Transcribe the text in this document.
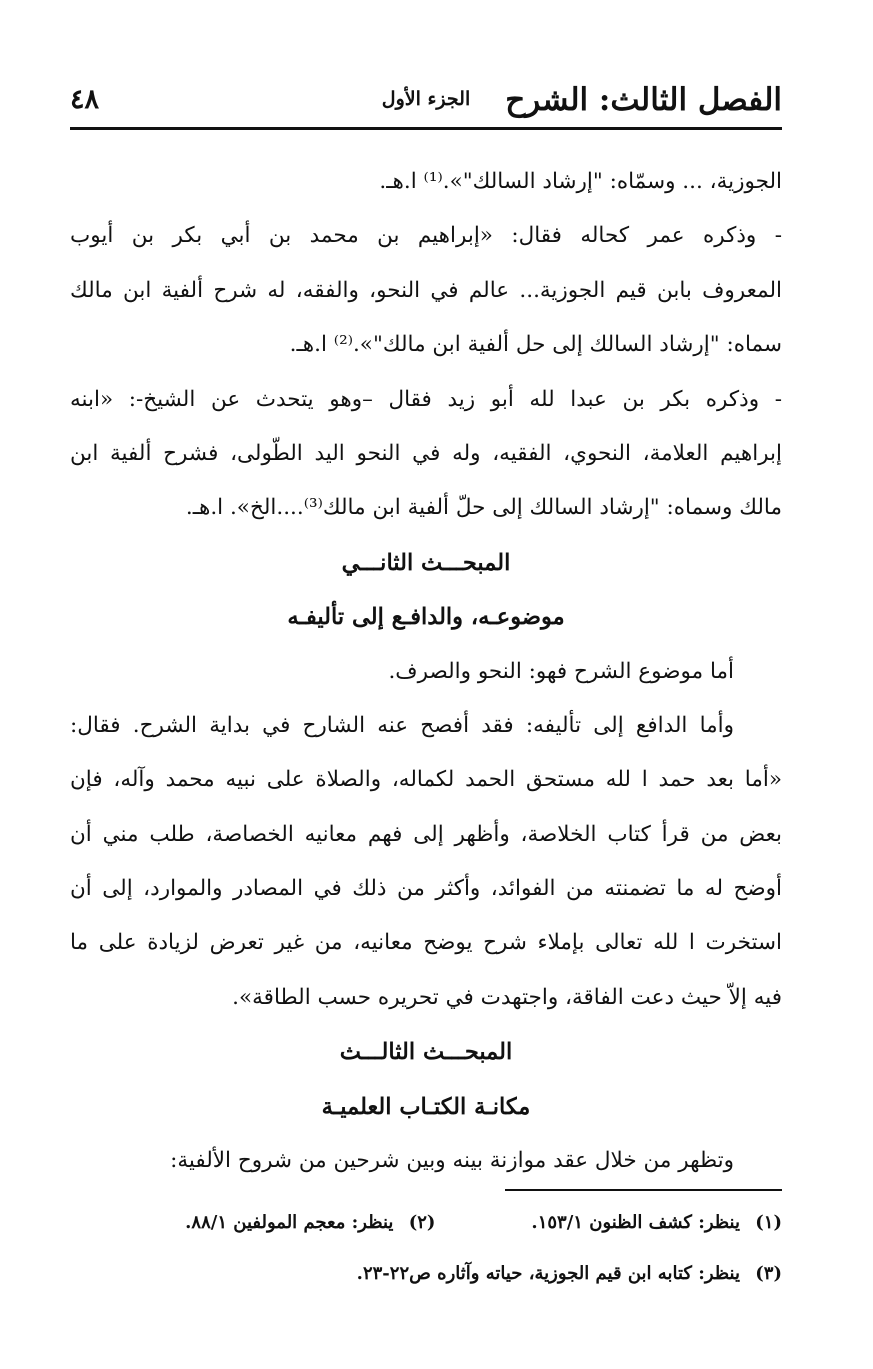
الفصل الثالث: الشرح
الجزء الأول
٤٨
الجوزية، ... وسمّاه: "إرشاد السالك"».⁽¹⁾ ا.هـ.
- وذكره عمر كحاله فقال: «إبراهيم بن محمد بن أبي بكر بن أيوب
المعروف بابن قيم الجوزية... عالم في النحو، والفقه، له شرح ألفية ابن مالك
سماه: "إرشاد السالك إلى حل ألفية ابن مالك"».⁽²⁾ ا.هـ.
- وذكره بكر بن عبدا لله أبو زيد فقال –وهو يتحدث عن الشيخ-: «ابنه
إبراهيم العلامة، النحوي، الفقيه، وله في النحو اليد الطّولى، فشرح ألفية ابن
مالك وسماه: "إرشاد السالك إلى حلّ ألفية ابن مالك⁽³⁾....الخ». ا.هـ.
المبحـــث الثانـــي
موضوعـه، والدافـع إلى تأليفـه
أما موضوع الشرح فهو: النحو والصرف.
وأما الدافع إلى تأليفه: فقد أفصح عنه الشارح في بداية الشرح. فقال:
«أما بعد حمد ا لله مستحق الحمد لكماله، والصلاة على نبيه محمد وآله، فإن
بعض من قرأ كتاب الخلاصة، وأظهر إلى فهم معانيه الخصاصة، طلب مني أن
أوضح له ما تضمنته من الفوائد، وأكثر من ذلك في المصادر والموارد، إلى أن
استخرت ا لله تعالى بإملاء شرح يوضح معانيه، من غير تعرض لزيادة على ما
فيه إلاّ حيث دعت الفاقة، واجتهدت في تحريره حسب الطاقة».
المبحـــث الثالـــث
مكانـة الكتـاب العلميـة
وتظهر من خلال عقد موازنة بينه وبين شرحين من شروح الألفية:
(١)ينظر: كشف الظنون ١٥٣/١.(٢)ينظر: معجم المولفين ٨٨/١.
(٣)ينظر: كتابه ابن قيم الجوزية، حياته وآثاره ص٢٢-٢٣.
